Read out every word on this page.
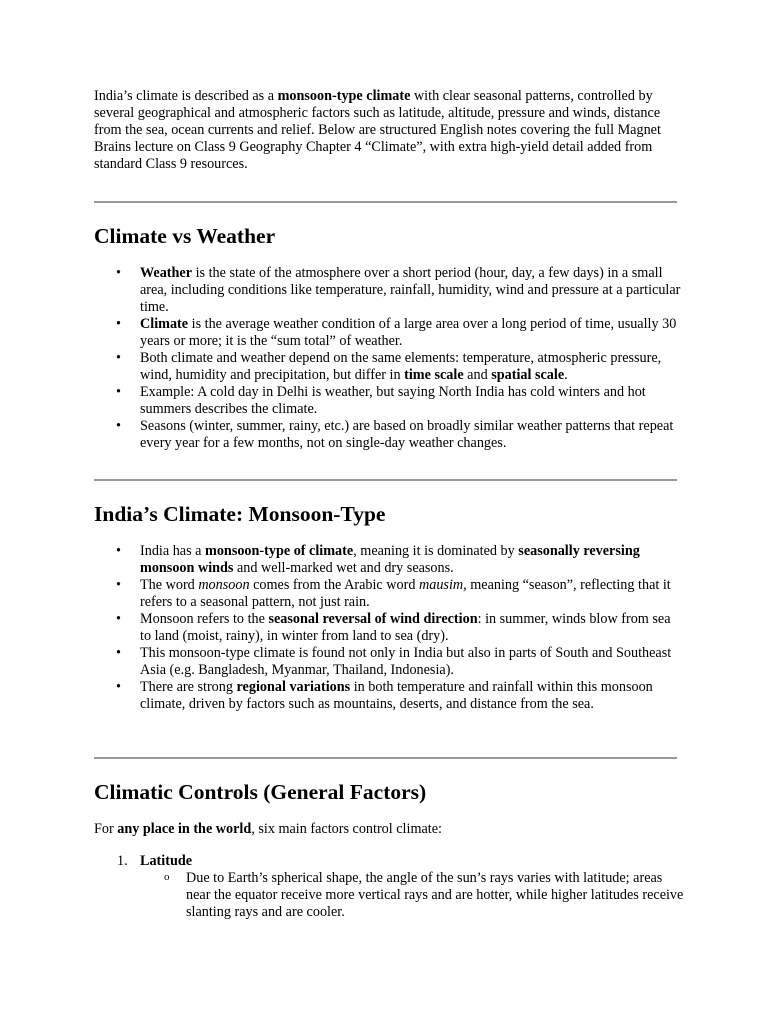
India’s climate is described as a monsoon-type climate with clear seasonal patterns, controlled by several geographical and atmospheric factors such as latitude, altitude, pressure and winds, distance from the sea, ocean currents and relief. Below are structured English notes covering the full Magnet Brains lecture on Class 9 Geography Chapter 4 “Climate”, with extra high-yield detail added from standard Class 9 resources.

Climate vs Weather
• Weather is the state of the atmosphere over a short period (hour, day, a few days) in a small area, including conditions like temperature, rainfall, humidity, wind and pressure at a particular time.
• Climate is the average weather condition of a large area over a long period of time, usually 30 years or more; it is the “sum total” of weather.
• Both climate and weather depend on the same elements: temperature, atmospheric pressure, wind, humidity and precipitation, but differ in time scale and spatial scale.
• Example: A cold day in Delhi is weather, but saying North India has cold winters and hot summers describes the climate.
• Seasons (winter, summer, rainy, etc.) are based on broadly similar weather patterns that repeat every year for a few months, not on single-day weather changes.
India’s Climate: Monsoon-Type
• India has a monsoon-type of climate, meaning it is dominated by seasonally reversing monsoon winds and well-marked wet and dry seasons.
• The word monsoon comes from the Arabic word mausim, meaning “season”, reflecting that it refers to a seasonal pattern, not just rain.
• Monsoon refers to the seasonal reversal of wind direction: in summer, winds blow from sea to land (moist, rainy), in winter from land to sea (dry).
• This monsoon-type climate is found not only in India but also in parts of South and Southeast Asia (e.g. Bangladesh, Myanmar, Thailand, Indonesia).
• There are strong regional variations in both temperature and rainfall within this monsoon climate, driven by factors such as mountains, deserts, and distance from the sea.
Climatic Controls (General Factors)

For any place in the world, six main factors control climate:

1. Latitude
o Due to Earth’s spherical shape, the angle of the sun’s rays varies with latitude; areas near the equator receive more vertical rays and are hotter, while higher latitudes receive slanting rays and are cooler.
